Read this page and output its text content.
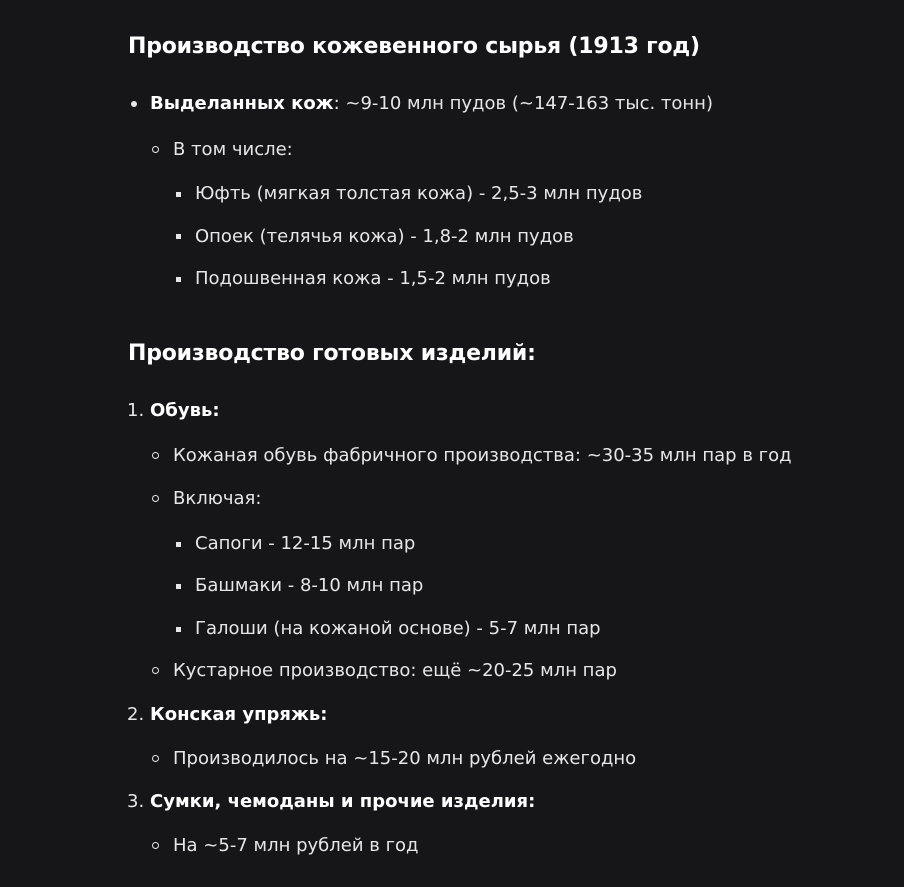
Производство кожевенного сырья (1913 год)
Выделанных кож: ~9-10 млн пудов (~147-163 тыс. тонн)
В том числе:
Юфть (мягкая толстая кожа) - 2,5-3 млн пудов
Опоек (телячья кожа) - 1,8-2 млн пудов
Подошвенная кожа - 1,5-2 млн пудов
Производство готовых изделий:
1. Обувь:
Кожаная обувь фабричного производства: ~30-35 млн пар в год
Включая:
Сапоги - 12-15 млн пар
Башмаки - 8-10 млн пар
Галоши (на кожаной основе) - 5-7 млн пар
Кустарное производство: ещё ~20-25 млн пар
2. Конская упряжь:
Производилось на ~15-20 млн рублей ежегодно
3. Сумки, чемоданы и прочие изделия:
На ~5-7 млн рублей в год
